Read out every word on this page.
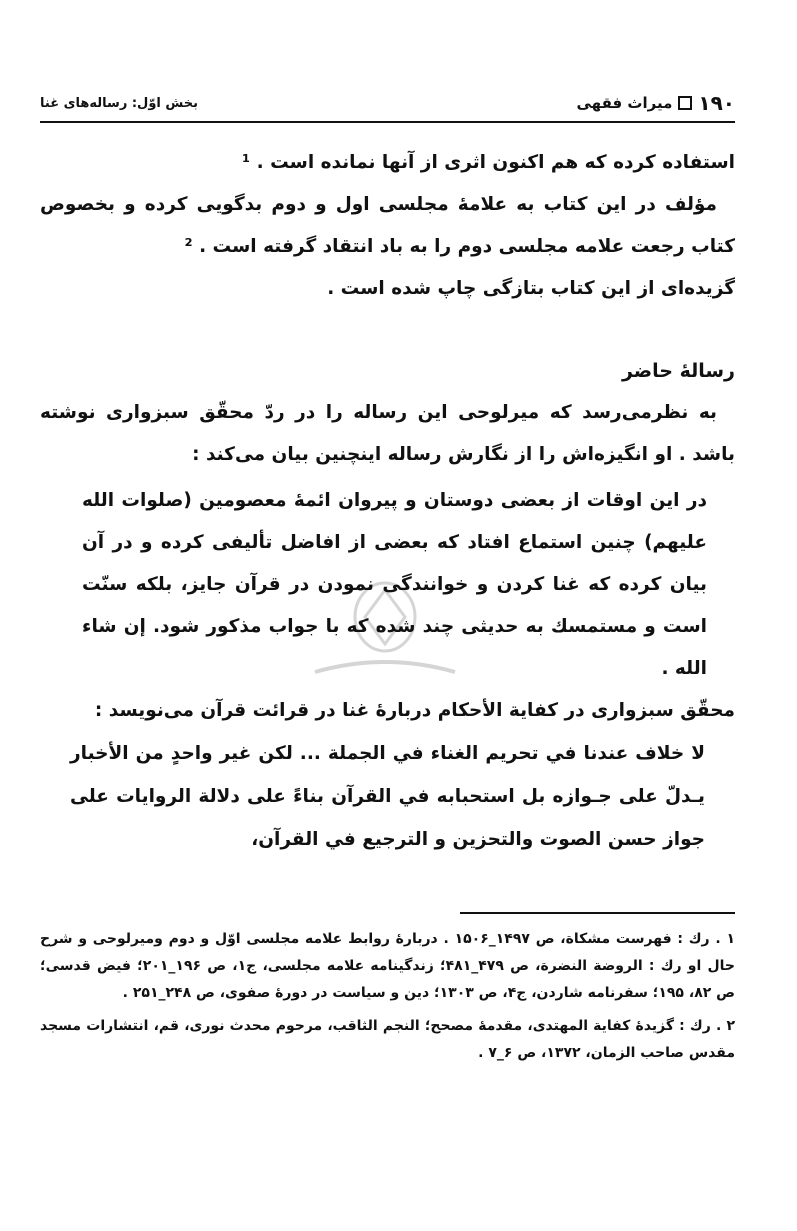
۱۹۰
میراث فقهی
بخش اوّل: رساله‌های غنا

استفاده کرده که هم اکنون اثری از آنها نمانده است . ¹

مؤلف در این کتاب به علامهٔ مجلسی اول و دوم بدگویی کرده و بخصوص کتاب رجعت علامه مجلسی دوم را به باد انتقاد گرفته است . ²

گزیده‌ای از این کتاب بتازگی چاپ شده است .

رسالهٔ حاضر

به نظرمی‌رسد که میرلوحی این رساله را در ردّ محقّق سبزواری نوشته باشد . او انگیزه‌اش را از نگارش رساله اینچنین بیان می‌کند :

در این اوقات از بعضی دوستان و پیروان ائمهٔ معصومین (صلوات الله علیهم) چنین استماع افتاد که بعضی از افاضل تألیفی کرده و در آن بیان کرده که غنا کردن و خوانندگی نمودن در قرآن جایز، بلکه سنّت است و مستمسك به حدیثی چند شده که با جواب مذکور شود. إن شاء الله .

محقّق سبزواری در کفایة الأحکام دربارهٔ غنا در قرائت قرآن می‌نویسد :

لا خلاف عندنا في تحريم الغناء في الجملة ... لكن غير واحدٍ من الأخبار يـدلّ على جـوازه بل استحبابه في القرآن بناءً على دلالة الروايات على جواز حسن الصوت والتحزين و الترجيع في القرآن،

۱ . رك : فهرست مشکاة، ص ۱۴۹۷_۱۵۰۶ . دربارهٔ روابط علامه مجلسی اوّل و دوم ومیرلوحی و شرح حال او رك : الروضة النضرة، ص ۴۷۹_۴۸۱؛ زندگینامه علامه مجلسی، ج۱، ص ۱۹۶_۲۰۱؛ فیض قدسی؛ ص ۸۲، ۱۹۵؛ سفرنامه شاردن، ج۴، ص ۱۳۰۳؛ دین و سیاست در دورهٔ صفوی، ص ۲۴۸_۲۵۱ .

۲ . رك : گزیدهٔ کفایة المهتدی، مقدمهٔ مصحح؛ النجم الثاقب، مرحوم محدث نوری، قم، انتشارات مسجد مقدس صاحب الزمان، ۱۳۷۲، ص ۶_۷ .
